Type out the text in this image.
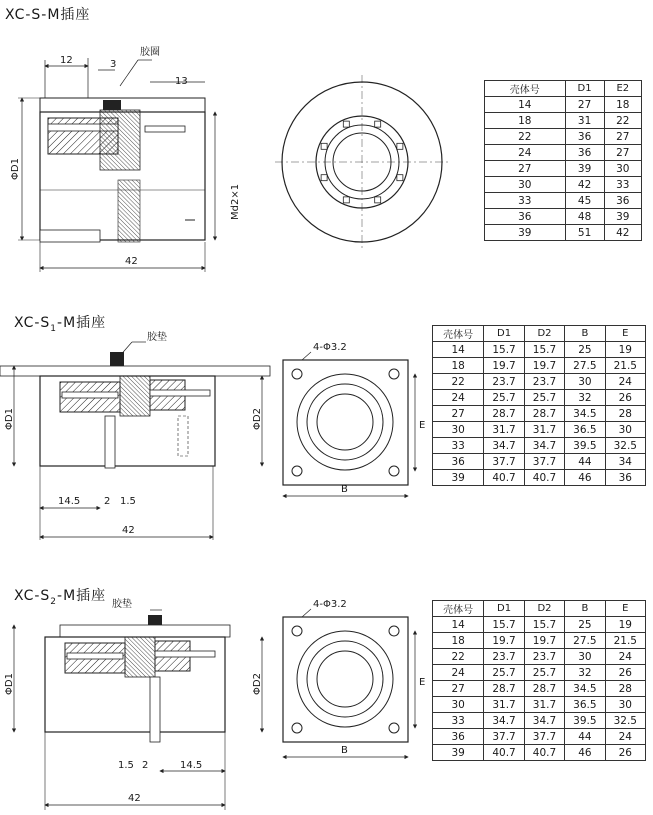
XC-S-M插座
12	3
13
胶圈
ΦD1
Md2×1
42
壳体号	D1	E2
14	27	18
18	31	22
22	36	27
24	36	27
27	39	30
30	42	33
33	45	36
36	48	39
39	51	42
$XC-S_1-M$插座
胶垫
ΦD1	ΦD2
14.5 2 1.5
42
4-Φ3.2
E
B
壳体号	D1	D2	B	E
14	15.7	15.7	25	19
18	19.7	19.7	27.5	21.5
22	23.7	23.7	30	24
24	25.7	25.7	32	26
27	28.7	28.7	34.5	28
30	31.7	31.7	36.5	30
33	34.7	34.7	39.5	32.5
36	37.7	37.7	44	34
39	40.7	40.7	46	36
$XC-S_2-M$插座
胶垫
ΦD1	ΦD2
1.5 2	14.5
42
4-Φ3.2
E
B
壳体号	D1	D2	B	E
14	15.7	15.7	25	19
18	19.7	19.7	27.5	21.5
22	23.7	23.7	30	24
24	25.7	25.7	32	26
27	28.7	28.7	34.5	28
30	31.7	31.7	36.5	30
33	34.7	34.7	39.5	32.5
36	37.7	37.7	44	24
39	40.7	40.7	46	26
